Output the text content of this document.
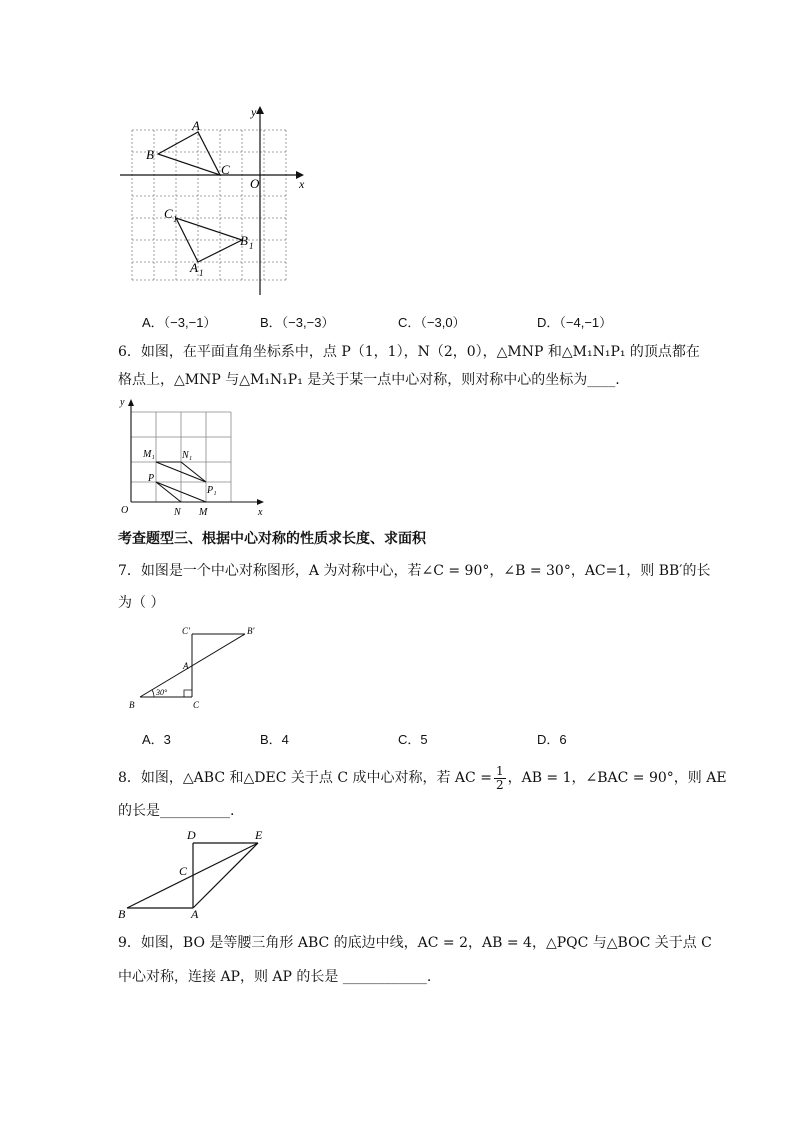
A
B
C
O	x
y
C 1
B 1
A 1
A．（−3,−1）	B．（−3,−3）	C．（−3,0）	D．（−4,−1）
6．如图，在平面直角坐标系中，点 P（1，1），N（2，0），△MNP 和△M₁N₁P₁ 的顶点都在
格点上，△MNP 与△M₁N₁P₁ 是关于某一点中心对称，则对称中心的坐标为____.
y
x
O	N M
P
M₁	N₁
P₁
考查题型三、根据中心对称的性质求长度、求面积
7．如图是一个中心对称图形，A 为对称中心，若∠C = 90°，∠B = 30°，AC=1，则 BB′的长
为（ ）
B	C
A
C′	B′
30°
A．3	B．4	C．5	D．6
8．如图，△ABC 和△DEC 关于点 C 成中心对称，若 AC = $\frac{1}{2}$ ，AB = 1，∠BAC = 90°，则 AE
的长是__________.
D	E
C
B	A
9．如图，BO 是等腰三角形 ABC 的底边中线，AC = 2，AB = 4，△PQC 与△BOC 关于点 C
中心对称，连接 AP，则 AP 的长是 ____________.
